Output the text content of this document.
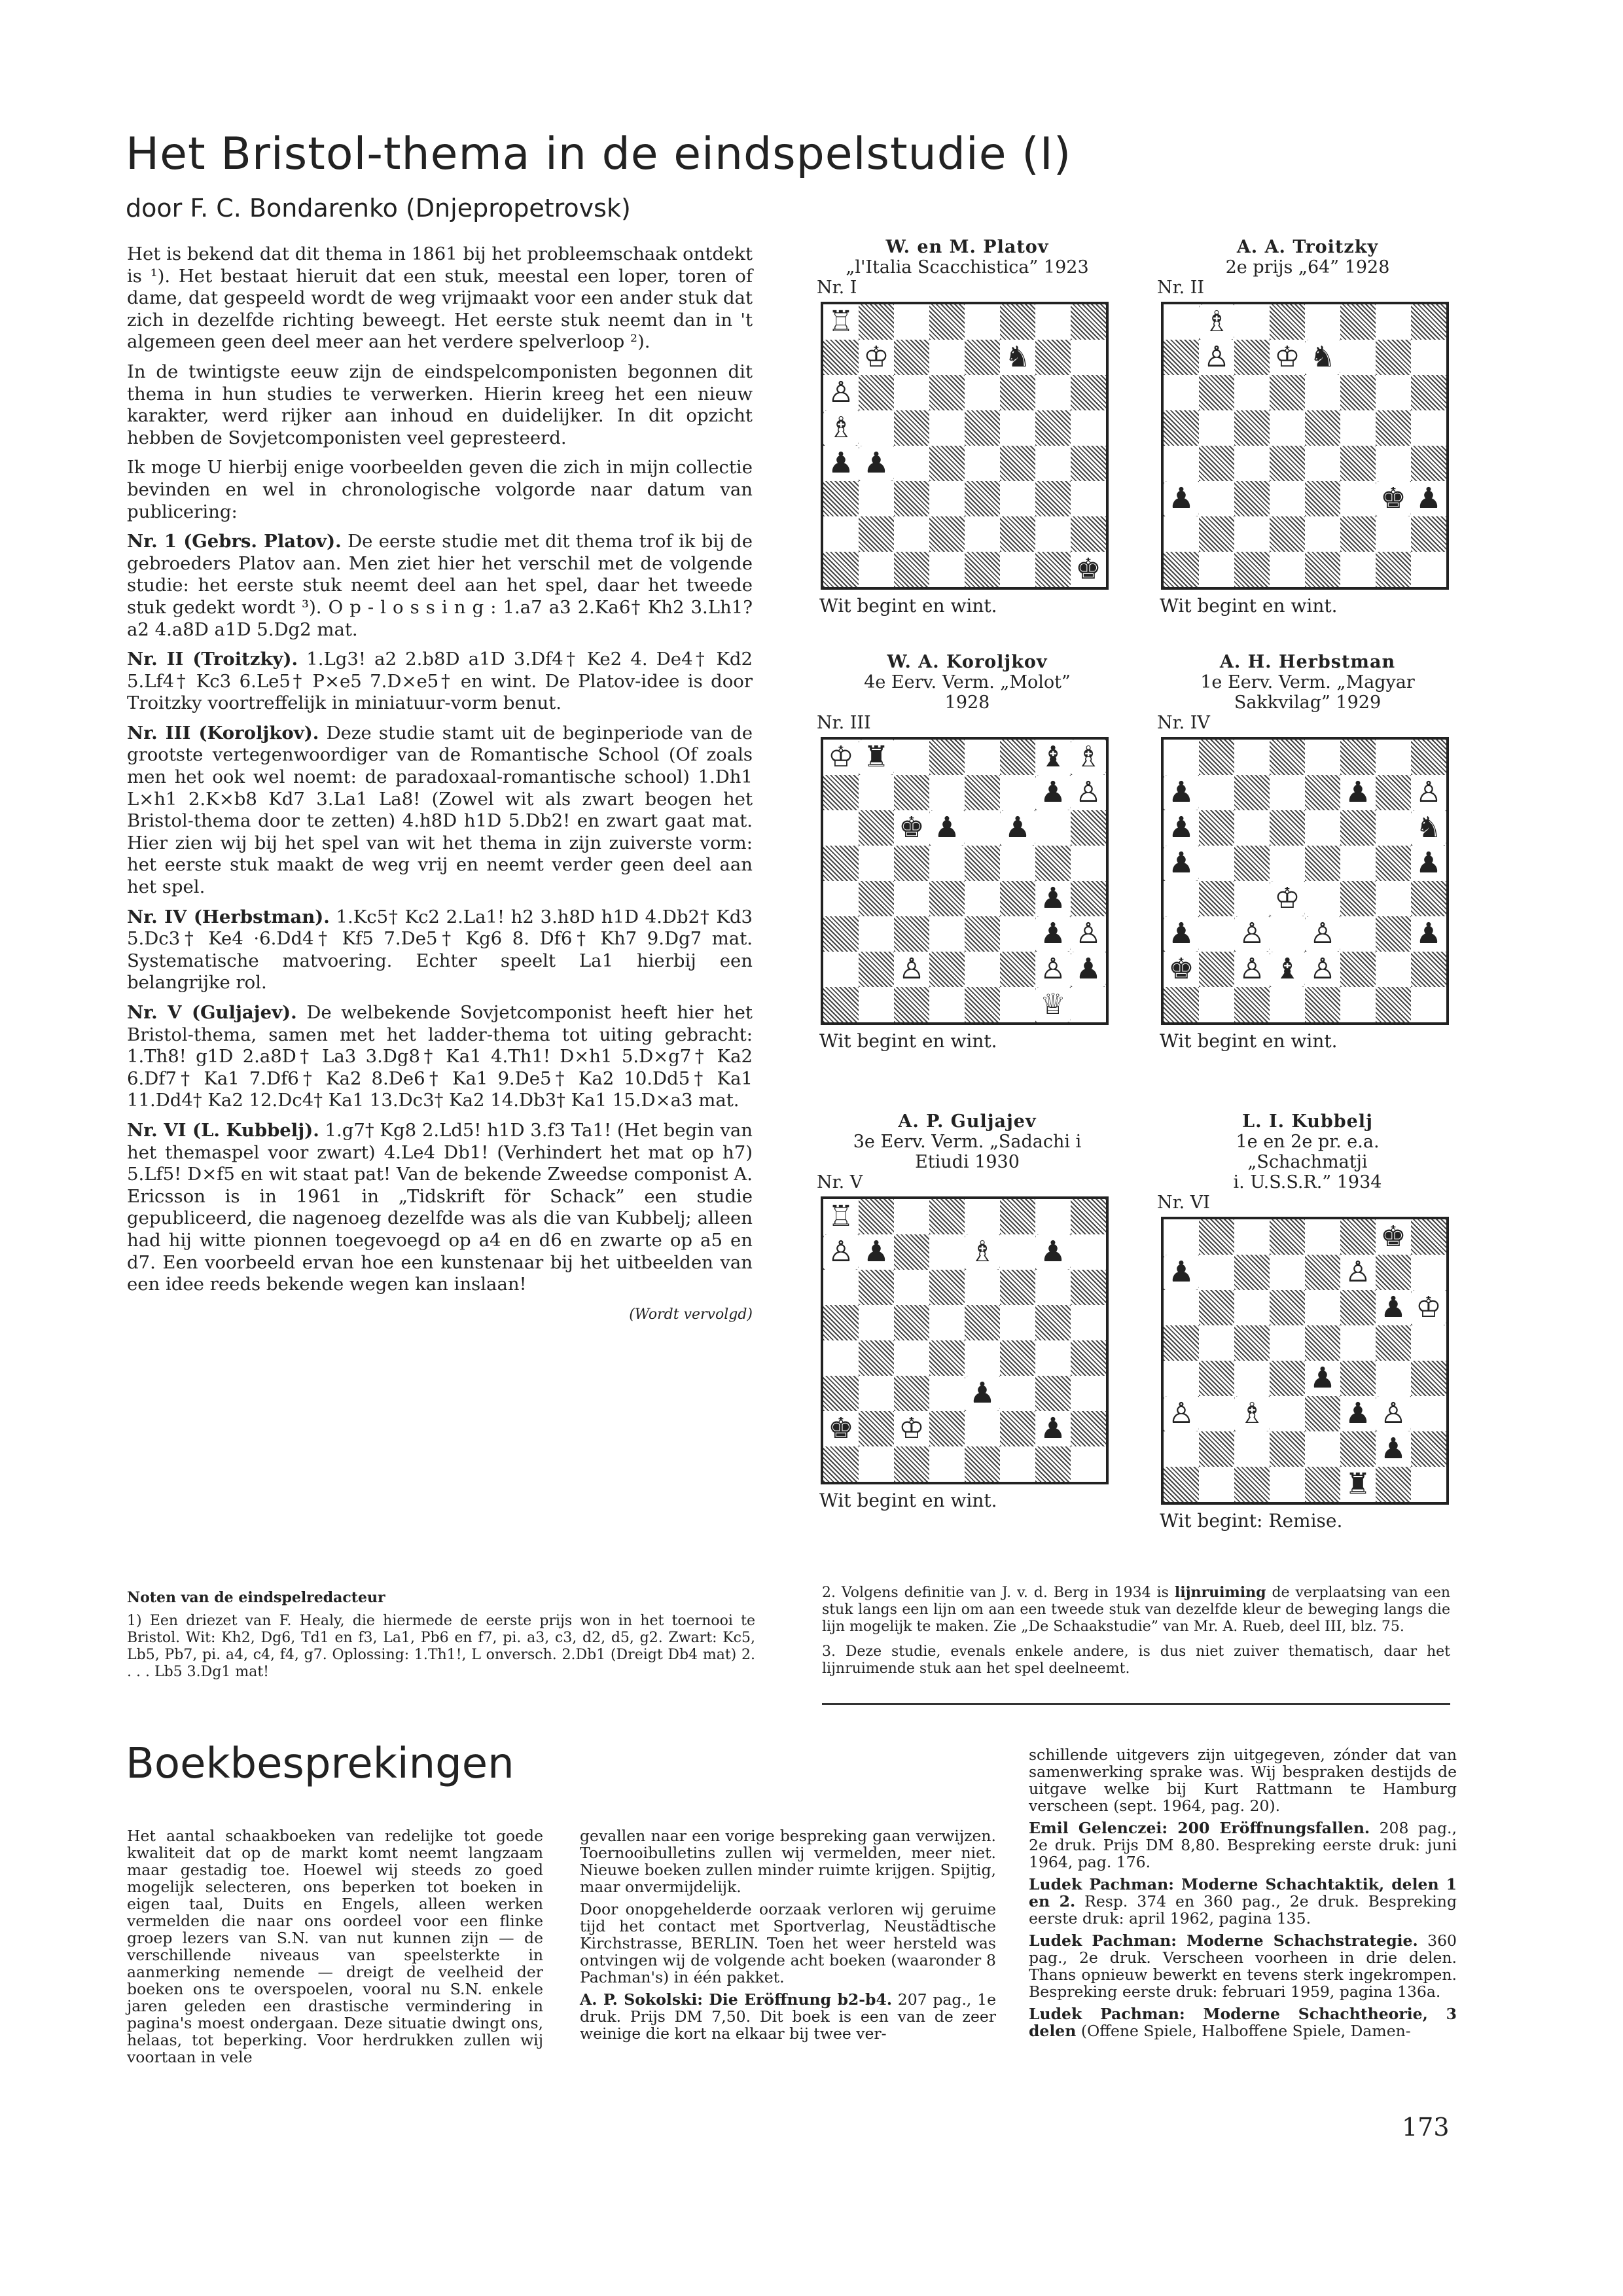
Het Bristol-thema in de eindspelstudie (I)
door F. C. Bondarenko (Dnjepropetrovsk)

Het is bekend dat dit thema in 1861 bij het probleemschaak ontdekt is ¹). Het bestaat hieruit dat een stuk, meestal een loper, toren of dame, dat gespeeld wordt de weg vrijmaakt voor een ander stuk dat zich in dezelfde richting beweegt. Het eerste stuk neemt dan in 't algemeen geen deel meer aan het verdere spelverloop ²).

In de twintigste eeuw zijn de eindspelcomponisten begonnen dit thema in hun studies te verwerken. Hierin kreeg het een nieuw karakter, werd rijker aan inhoud en duidelijker. In dit opzicht hebben de Sovjetcomponisten veel gepresteerd.

Ik moge U hierbij enige voorbeelden geven die zich in mijn collectie bevinden en wel in chronologische volgorde naar datum van publicering:

Nr. 1 (Gebrs. Platov). De eerste studie met dit thema trof ik bij de gebroeders Platov aan. Men ziet hier het verschil met de volgende studie: het eerste stuk neemt deel aan het spel, daar het tweede stuk gedekt wordt ³). O p - l o s s i n g : 1.a7 a3 2.Ka6† Kh2 3.Lh1? a2 4.a8D a1D 5.Dg2 mat.

Nr. II (Troitzky). 1.Lg3! a2 2.b8D a1D 3.Df4† Ke2 4. De4† Kd2 5.Lf4† Kc3 6.Le5† P×e5 7.D×e5† en wint. De Platov-idee is door Troitzky voortreffelijk in miniatuur-vorm benut.

Nr. III (Koroljkov). Deze studie stamt uit de beginperiode van de grootste vertegenwoordiger van de Romantische School (Of zoals men het ook wel noemt: de paradoxaal-romantische school) 1.Dh1 L×h1 2.K×b8 Kd7 3.La1 La8! (Zowel wit als zwart beogen het Bristol-thema door te zetten) 4.h8D h1D 5.Db2! en zwart gaat mat. Hier zien wij bij het spel van wit het thema in zijn zuiverste vorm: het eerste stuk maakt de weg vrij en neemt verder geen deel aan het spel.

Nr. IV (Herbstman). 1.Kc5† Kc2 2.La1! h2 3.h8D h1D 4.Db2† Kd3 5.Dc3† Ke4 ·6.Dd4† Kf5 7.De5† Kg6 8. Df6† Kh7 9.Dg7 mat. Systematische matvoering. Echter speelt La1 hierbij een belangrijke rol.

Nr. V (Guljajev). De welbekende Sovjetcomponist heeft hier het Bristol-thema, samen met het ladder-thema tot uiting gebracht: 1.Th8! g1D 2.a8D† La3 3.Dg8† Ka1 4.Th1! D×h1 5.D×g7† Ka2 6.Df7† Ka1 7.Df6† Ka2 8.De6† Ka1 9.De5† Ka2 10.Dd5† Ka1 11.Dd4† Ka2 12.Dc4† Ka1 13.Dc3† Ka2 14.Db3† Ka1 15.D×a3 mat.

Nr. VI (L. Kubbelj). 1.g7† Kg8 2.Ld5! h1D 3.f3 Ta1! (Het begin van het themaspel voor zwart) 4.Le4 Db1! (Verhindert het mat op h7) 5.Lf5! D×f5 en wit staat pat! Van de bekende Zweedse componist A. Ericsson is in 1961 in „Tidskrift för Schack” een studie gepubliceerd, die nagenoeg dezelfde was als die van Kubbelj; alleen had hij witte pionnen toegevoegd op a4 en d6 en zwarte op a5 en d7. Een voorbeeld ervan hoe een kunstenaar bij het uitbeelden van een idee reeds bekende wegen kan inslaan!

(Wordt vervolgd)
W. en M. Platov
„l'Italia Scacchistica” 1923
Nr. I
♖
♔	♞
♙
♗
♟ ♟
♚
Wit begint en wint.
A. A. Troitzky
2e prijs „64” 1928
Nr. II
♗
♙ ♔ ♞
♟	♚ ♟
Wit begint en wint.
W. A. Koroljkov
4e Eerv. Verm. „Molot”
1928
Nr. III
♔ ♜	♝ ♗
♟ ♙
♚ ♟ ♟
♟
♟ ♙
♙	♙ ♟
♕
Wit begint en wint.
A. H. Herbstman
1e Eerv. Verm. „Magyar
Sakkvilag” 1929
Nr. IV
♟	♟ ♙
♟	♞
♟	♟
♔
♟ ♙ ♙	♟
♚ ♙ ♝ ♙
Wit begint en wint.
A. P. Guljajev
3e Eerv. Verm. „Sadachi i
Etiudi 1930
Nr. V
♖
♙ ♟	♗ ♟
♟
♟
♚ ♔
Wit begint en wint.
L. I. Kubbelj
1e en 2e pr. e.a.
„Schachmatji
i. U.S.S.R.” 1934
Nr. VI
♚
♟	♙
♟ ♔
♟
♙ ♗	♟ ♙
♟
♜
Wit begint: Remise.
Noten van de eindspelredacteur

1) Een driezet van F. Healy, die hiermede de eerste prijs won in het toernooi te Bristol. Wit: Kh2, Dg6, Td1 en f3, La1, Pb6 en f7, pi. a3, c3, d2, d5, g2. Zwart: Kc5, Lb5, Pb7, pi. a4, c4, f4, g7. Oplossing: 1.Th1!, L onversch. 2.Db1 (Dreigt Db4 mat) 2. . . . Lb5 3.Dg1 mat!

2. Volgens definitie van J. v. d. Berg in 1934 is lijnruiming de verplaatsing van een stuk langs een lijn om aan een tweede stuk van dezelfde kleur de beweging langs die lijn mogelijk te maken. Zie „De Schaakstudie” van Mr. A. Rueb, deel III, blz. 75.

3. Deze studie, evenals enkele andere, is dus niet zuiver thematisch, daar het lijnruimende stuk aan het spel deelneemt.

Boekbesprekingen

Het aantal schaakboeken van redelijke tot goede kwaliteit dat op de markt komt neemt langzaam maar gestadig toe. Hoewel wij steeds zo goed mogelijk selecteren, ons beperken tot boeken in eigen taal, Duits en Engels, alleen werken vermelden die naar ons oordeel voor een flinke groep lezers van S.N. van nut kunnen zijn — de verschillende niveaus van speelsterkte in aanmerking nemende — dreigt de veelheid der boeken ons te overspoelen, vooral nu S.N. enkele jaren geleden een drastische vermindering in pagina's moest ondergaan. Deze situatie dwingt ons, helaas, tot beperking. Voor herdrukken zullen wij voortaan in vele

gevallen naar een vorige bespreking gaan verwijzen. Toernooibulletins zullen wij vermelden, meer niet. Nieuwe boeken zullen minder ruimte krijgen. Spijtig, maar onvermijdelijk.

Door onopgehelderde oorzaak verloren wij geruime tijd het contact met Sportverlag, Neustädtische Kirchstrasse, BERLIN. Toen het weer hersteld was ontvingen wij de volgende acht boeken (waaronder 8 Pachman's) in één pakket.

A. P. Sokolski: Die Eröffnung b2-b4. 207 pag., 1e druk. Prijs DM 7,50. Dit boek is een van de zeer weinige die kort na elkaar bij twee ver-

schillende uitgevers zijn uitgegeven, zónder dat van samenwerking sprake was. Wij bespraken destijds de uitgave welke bij Kurt Rattmann te Hamburg verscheen (sept. 1964, pag. 20).

Emil Gelenczei: 200 Eröffnungsfallen. 208 pag., 2e druk. Prijs DM 8,80. Bespreking eerste druk: juni 1964, pag. 176.

Ludek Pachman: Moderne Schachtaktik, delen 1 en 2. Resp. 374 en 360 pag., 2e druk. Bespreking eerste druk: april 1962, pagina 135.

Ludek Pachman: Moderne Schachstrategie. 360 pag., 2e druk. Verscheen voorheen in drie delen. Thans opnieuw bewerkt en tevens sterk ingekrompen. Bespreking eerste druk: februari 1959, pagina 136a.

Ludek Pachman: Moderne Schachtheorie, 3 delen (Offene Spiele, Halboffene Spiele, Damen-

173
